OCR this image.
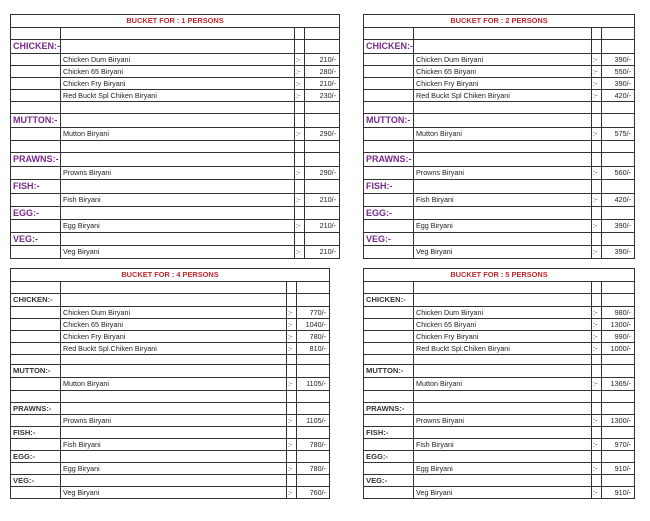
BUCKET FOR : 1 PERSONS			

CHICKEN:-			
	Chicken Dum Biryani	:-	210/-
	Chicken 65 Biryani	:-	280/-
	Chicken Fry Biryani	:-	210/-
	Red Buckt Spl Chiken Biryani	:-	230/-

MUTTON:-			
	Mutton Biryani	:-	290/-

PRAWNS:-			
	Prowns Biryani	:-	290/-
FISH:-			
	Fish Biryani	:-	210/-
EGG:-			
	Egg Biryani	:-	210/-
VEG:-			
	Veg Biryani	:-	210/-
BUCKET FOR : 2 PERSONS			

CHICKEN:-			
	Chicken Dum Biryani	:-	390/-
	Chicken 65 Biryani	:-	550/-
	Chicken Fry Biryani	:-	390/-
	Red Buckt Spl Chiken Biryani	:-	420/-

MUTTON:-			
	Mutton Biryani	:-	575/-

PRAWNS:-			
	Prowns Biryani	:-	560/-
FISH:-			
	Fish Biryani	:-	420/-
EGG:-			
	Egg Biryani	:-	390/-
VEG:-			
	Veg Biryani	:-	390/-
BUCKET FOR : 4 PERSONS			

CHICKEN:-			
	Chicken Dum Biryani	:-	770/-
	Chicken 65 Biryani	:-	1040/-
	Chicken Fry Biryani	:-	780/-
	Red Buckt Spl.Chiken Biryani	:-	810/-

MUTTON:-			
	Mutton Biryani	:-	1105/-

PRAWNS:-			
	Prowns Biryani	:-	1105/-
FISH:-			
	Fish Biryani	:-	780/-
EGG:-			
	Egg Biryani	:-	780/-
VEG:-			
	Veg Biryani	:-	760/-
BUCKET FOR : 5 PERSONS			

CHICKEN:-			
	Chicken Dum Biryani	:-	980/-
	Chicken 65 Biryani	:-	1300/-
	Chicken Fry Biryani	:-	990/-
	Red Buckt Spl.Chiken Biryani	:-	1000/-

MUTTON:-			
	Mutton Biryani	:-	1365/-

PRAWNS:-			
	Prowns Biryani	:-	1300/-
FISH:-			
	Fish Biryani	:-	970/-
EGG:-			
	Egg Biryani	:-	910/-
VEG:-			
	Veg Biryani	:-	910/-
